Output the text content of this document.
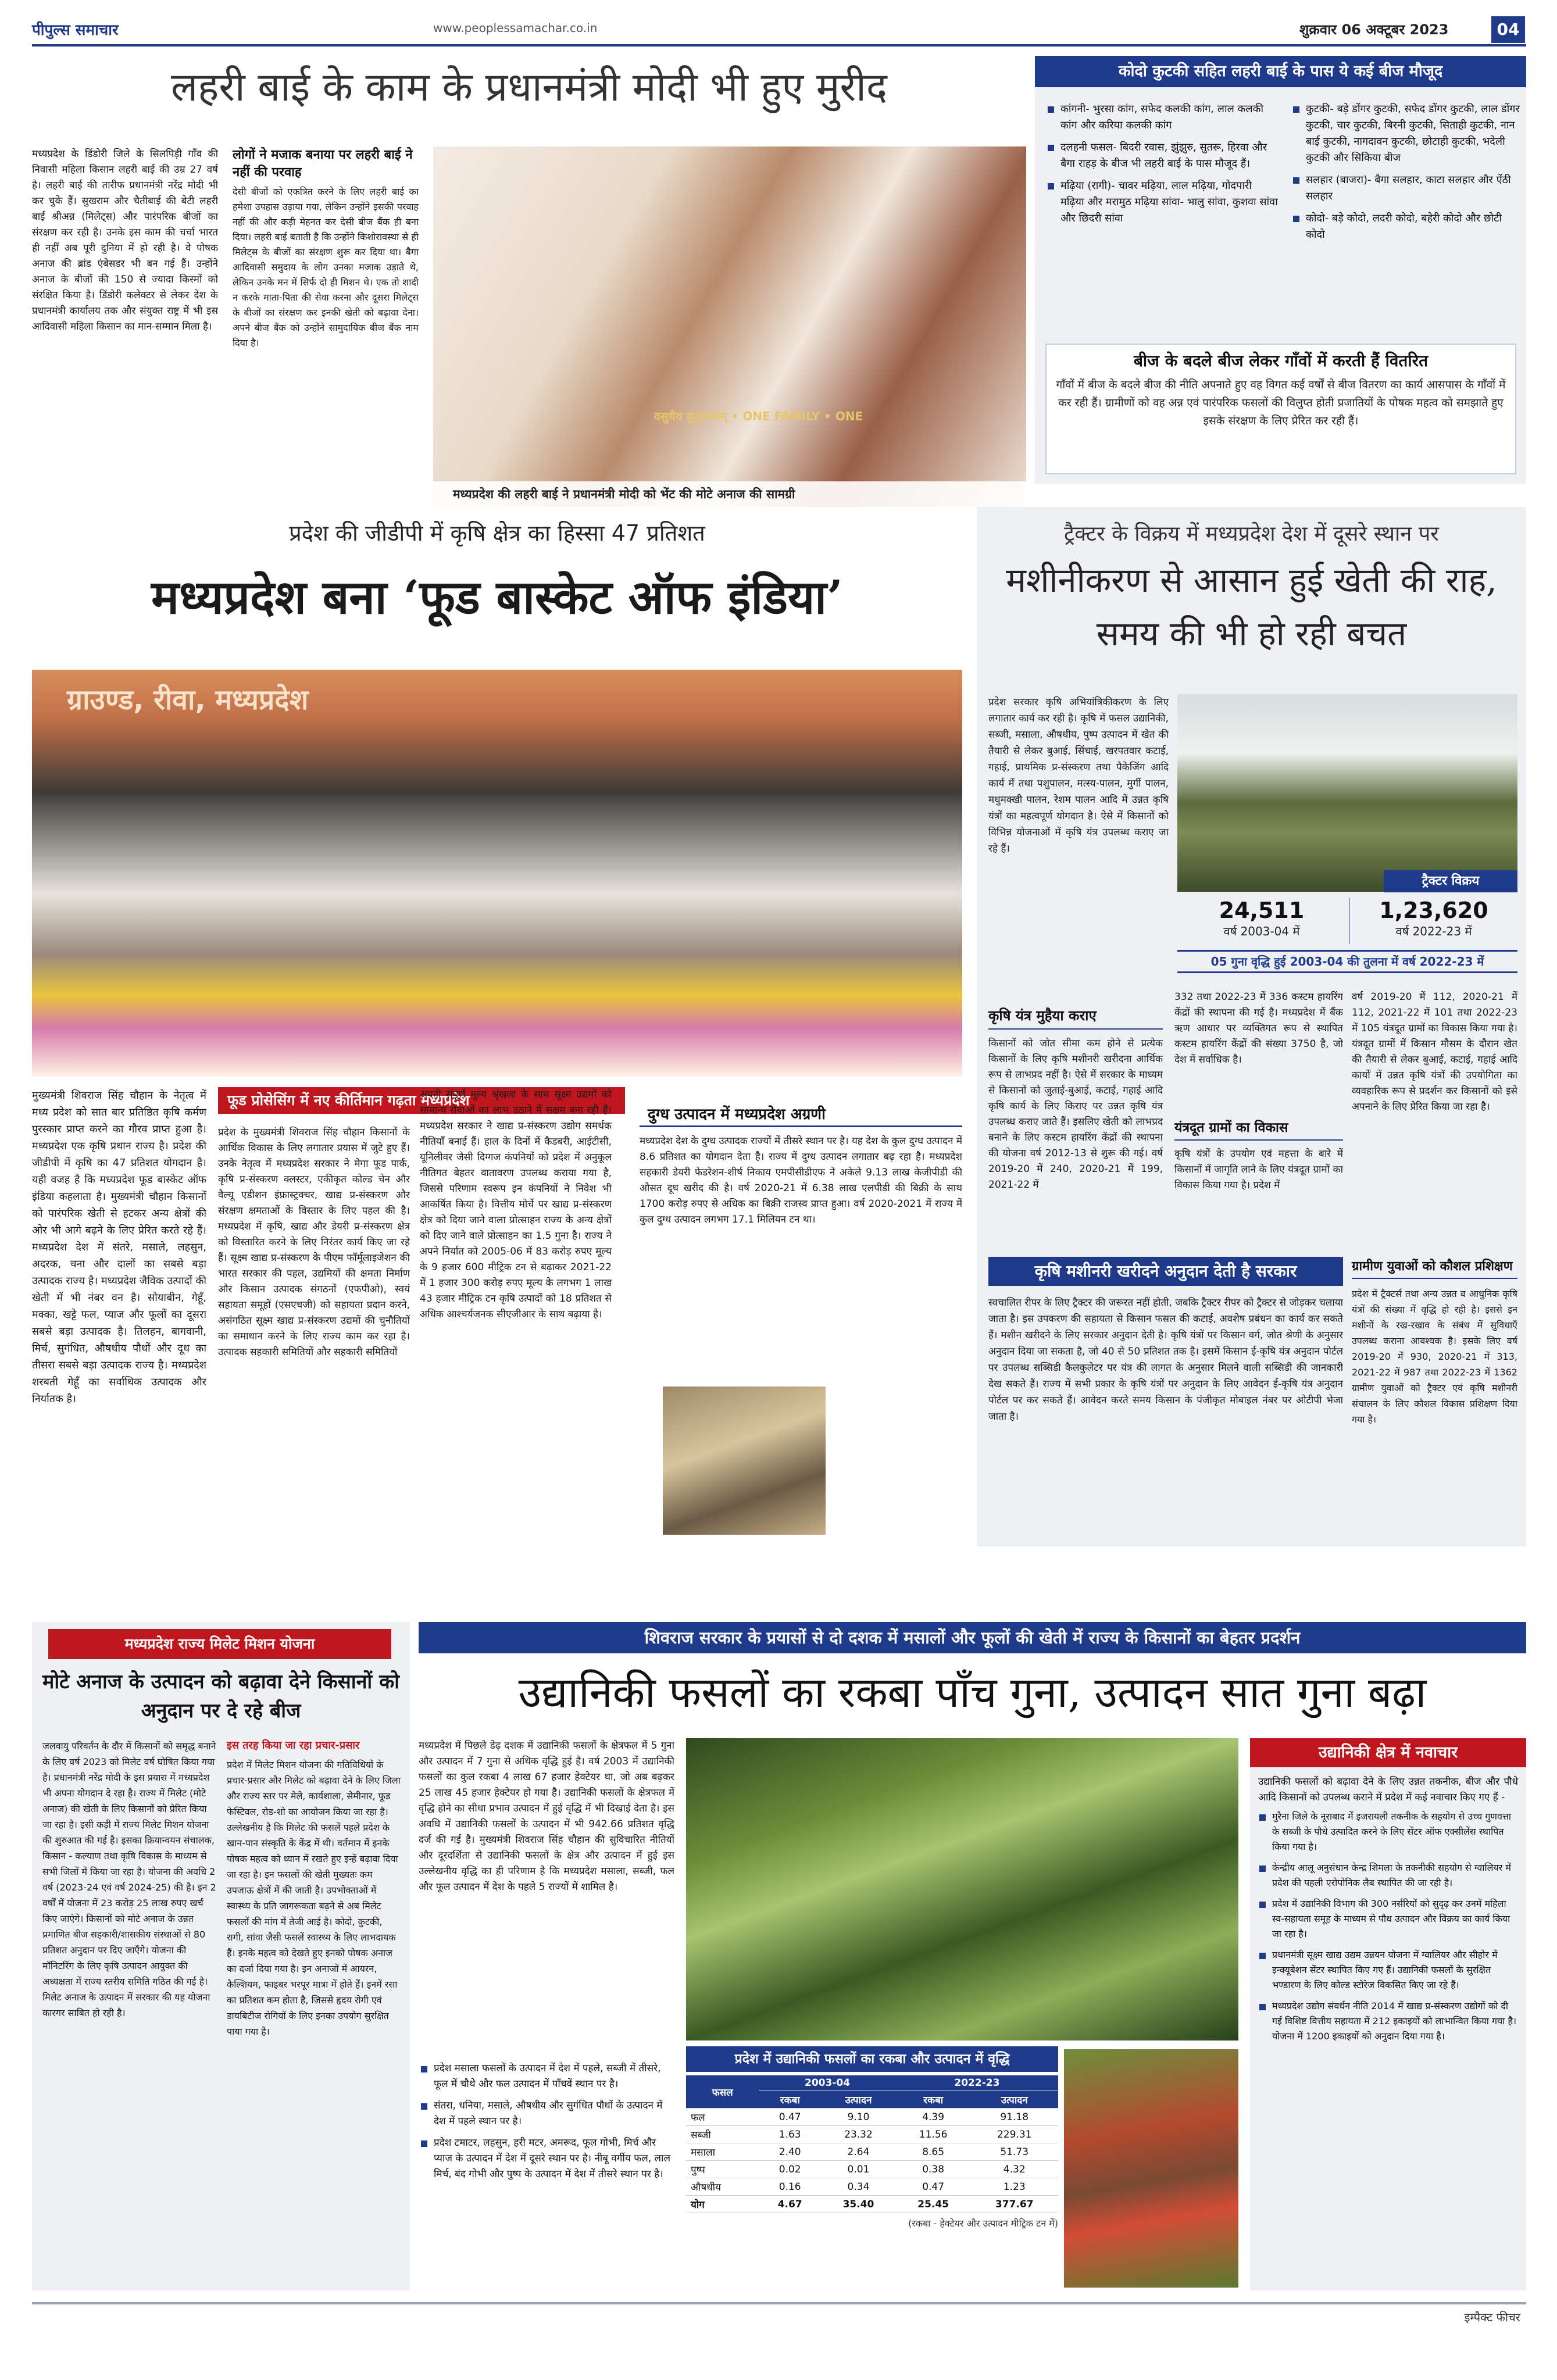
पीपुल्स समाचार	www.peoplessamachar.co.in	शुक्रवार 06 अक्टूबर 2023	04
लहरी बाई के काम के प्रधानमंत्री मोदी भी हुए मुरीद
मध्यप्रदेश के डिंडोरी जिले के सिलपिड़ी गाँव की निवासी महिला किसान लहरी बाई की उम्र 27 वर्ष है। लहरी बाई की तारीफ प्रधानमंत्री नरेंद्र मोदी भी कर चुके हैं। सुखराम और चैतीबाई की बेटी लहरी बाई श्रीअन्न (मिलेट्स) और पारंपरिक बीजों का संरक्षण कर रही है। उनके इस काम की चर्चा भारत ही नहीं अब पूरी दुनिया में हो रही है। वे पोषक अनाज की ब्रांड एंबेसडर भी बन गई हैं। उन्होंने अनाज के बीजों की 150 से ज्यादा किस्मों को संरक्षित किया है। डिंडोरी कलेक्टर से लेकर देश के प्रधानमंत्री कार्यालय तक और संयुक्त राष्ट्र में भी इस आदिवासी महिला किसान का मान-सम्मान मिला है।
लोगों ने मजाक बनाया पर लहरी बाई ने नहीं की परवाह
देसी बीजों को एकत्रित करने के लिए लहरी बाई का हमेशा उपहास उड़ाया गया, लेकिन उन्होंने इसकी परवाह नहीं की और कड़ी मेहनत कर देसी बीज बैंक ही बना दिया। लहरी बाई बताती है कि उन्होंने किशोरावस्था से ही मिलेट्स के बीजों का संरक्षण शुरू कर दिया था। बैगा आदिवासी समुदाय के लोग उनका मजाक उड़ाते थे, लेकिन उनके मन में सिर्फ दो ही मिशन थे। एक तो शादी न करके माता-पिता की सेवा करना और दूसरा मिलेट्स के बीजों का संरक्षण कर इनकी खेती को बढ़ावा देना। अपने बीज बैंक को उन्होंने सामुदायिक बीज बैंक नाम दिया है।
वसुधैव कुटुम्बकम् • ONE FAMILY • ONE
मध्यप्रदेश की लहरी बाई ने प्रधानमंत्री मोदी को भेंट की मोटे अनाज की सामग्री
कोदो कुटकी सहित लहरी बाई के पास ये कई बीज मौजूद
कांगनी- भुरसा कांग, सफेद कलकी कांग, लाल कलकी कांग और करिया कलकी कांग
दलहनी फसल- बिदरी रवास, झुंझुरु, सुतरू, हिरवा और बैगा राहड़ के बीज भी लहरी बाई के पास मौजूद हैं।
मढ़िया (रागी)- चावर मढ़िया, लाल मढ़िया, गोदपारी मढ़िया और मरामुठ मढ़िया सांवा- भालु सांवा, कुशवा सांवा और छिदरी सांवा
कुटकी- बड़े डोंगर कुटकी, सफेद डोंगर कुटकी, लाल डोंगर कुटकी, चार कुटकी, बिरनी कुटकी, सिताही कुटकी, नान बाई कुटकी, नागदावन कुटकी, छोटाही कुटकी, भदेली कुटकी और सिकिया बीज
सलहार (बाजरा)- बैगा सलहार, काटा सलहार और ऐंठी सलहार
कोदो- बड़े कोदो, लदरी कोदो, बहेरी कोदो और छोटी कोदो
बीज के बदले बीज लेकर गाँवों में करती हैं वितरित
गाँवों में बीज के बदले बीज की नीति अपनाते हुए वह विगत कई वर्षों से बीज वितरण का कार्य आसपास के गाँवों में कर रही हैं। ग्रामीणों को वह अन्न एवं पारंपरिक फसलों की विलुप्त होती प्रजातियों के पोषक महत्व को समझाते हुए इसके संरक्षण के लिए प्रेरित कर रही हैं।
प्रदेश की जीडीपी में कृषि क्षेत्र का हिस्सा 47 प्रतिशत
मध्यप्रदेश बना ‘फूड बास्केट ऑफ इंडिया’
ग्राउण्ड, रीवा, मध्यप्रदेश
मुख्यमंत्री शिवराज सिंह चौहान के नेतृत्व में मध्य प्रदेश को सात बार प्रतिष्ठित कृषि कर्मण पुरस्कार प्राप्त करने का गौरव प्राप्त हुआ है। मध्यप्रदेश एक कृषि प्रधान राज्य है। प्रदेश की जीडीपी में कृषि का 47 प्रतिशत योगदान है। यही वजह है कि मध्यप्रदेश फूड बास्केट ऑफ इंडिया कहलाता है। मुख्यमंत्री चौहान किसानों को पारंपरिक खेती से हटकर अन्य क्षेत्रों की ओर भी आगे बढ़ने के लिए प्रेरित करते रहे हैं। मध्यप्रदेश देश में संतरे, मसाले, लहसुन, अदरक, चना और दालों का सबसे बड़ा उत्पादक राज्य है। मध्यप्रदेश जैविक उत्पादों की खेती में भी नंबर वन है। सोयाबीन, गेहूँ, मक्का, खट्टे फल, प्याज और फूलों का दूसरा सबसे बड़ा उत्पादक है। तिलहन, बागवानी, मिर्च, सुगंधित, औषधीय पौधों और दूध का तीसरा सबसे बड़ा उत्पादक राज्य है। मध्यप्रदेश शरबती गेहूँ का सर्वाधिक उत्पादक और निर्यातक है।
फूड प्रोसेसिंग में नए कीर्तिमान गढ़ता मध्यप्रदेश
प्रदेश के मुख्यमंत्री शिवराज सिंह चौहान किसानों के आर्थिक विकास के लिए लगातार प्रयास में जुटे हुए हैं। उनके नेतृत्व में मध्यप्रदेश सरकार ने मेगा फूड पार्क, कृषि प्र-संस्करण क्लस्टर, एकीकृत कोल्ड चेन और वैल्यू एडीशन इंफ्रास्ट्रक्चर, खाद्य प्र-संस्करण और संरक्षण क्षमताओं के विस्तार के लिए पहल की है। मध्यप्रदेश में कृषि, खाद्य और डेयरी प्र-संस्करण क्षेत्र को विस्तारित करने के लिए निरंतर कार्य किए जा रहे हैं। सूक्ष्म खाद्य प्र-संस्करण के पीएम फॉर्मूलाइजेशन की भारत सरकार की पहल, उद्यमियों की क्षमता निर्माण और किसान उत्पादक संगठनों (एफपीओ), स्वयं सहायता समूहों (एसएचजी) को सहायता प्रदान करने, असंगठित सूक्ष्म खाद्य प्र-संस्करण उद्यमों की चुनौतियों का समाधान करने के लिए राज्य काम कर रहा है। उत्पादक सहकारी समितियों और सहकारी समितियों
अपनी संपूर्ण मूल्य श्रृंखला के साथ सूक्ष्म उद्यमों को सामान्य सेवाओं का लाभ उठाने में सक्षम बना रही हैं। मध्यप्रदेश सरकार ने खाद्य प्र-संस्करण उद्योग समर्थक नीतियाँ बनाई हैं। हाल के दिनों में कैडबरी, आईटीसी, यूनिलीवर जैसी दिग्गज कंपनियों को प्रदेश में अनुकूल नीतिगत बेहतर वातावरण उपलब्ध कराया गया है, जिससे परिणाम स्वरूप इन कंपनियों ने निवेश भी आकर्षित किया है। वित्तीय मोर्चे पर खाद्य प्र-संस्करण क्षेत्र को दिया जाने वाला प्रोत्साहन राज्य के अन्य क्षेत्रों को दिए जाने वाले प्रोत्साहन का 1.5 गुना है। राज्य ने अपने निर्यात को 2005-06 में 83 करोड़ रुपए मूल्य के 9 हजार 600 मीट्रिक टन से बढ़ाकर 2021-22 में 1 हजार 300 करोड़ रुपए मूल्य के लगभग 1 लाख 43 हजार मीट्रिक टन कृषि उत्पादों को 18 प्रतिशत से अधिक आश्चर्यजनक सीएजीआर के साथ बढ़ाया है।
दुग्ध उत्पादन में मध्यप्रदेश अग्रणी
मध्यप्रदेश देश के दुग्ध उत्पादक राज्यों में तीसरे स्थान पर है। यह देश के कुल दुग्ध उत्पादन में 8.6 प्रतिशत का योगदान देता है। राज्य में दुग्ध उत्पादन लगातार बढ़ रहा है। मध्यप्रदेश सहकारी डेयरी फेडरेशन-शीर्ष निकाय एमपीसीडीएफ ने अकेले 9.13 लाख केजीपीडी की औसत दूध खरीद की है। वर्ष 2020-21 में 6.38 लाख एलपीडी की बिक्री के साथ 1700 करोड़ रुपए से अधिक का बिक्री राजस्व प्राप्त हुआ। वर्ष 2020-2021 में राज्य में कुल दुग्ध उत्पादन लगभग 17.1 मिलियन टन था।
ट्रैक्टर के विक्रय में मध्यप्रदेश देश में दूसरे स्थान पर
मशीनीकरण से आसान हुई खेती की राह, समय की भी हो रही बचत
प्रदेश सरकार कृषि अभियांत्रिकीकरण के लिए लगातार कार्य कर रही है। कृषि में फसल उद्यानिकी, सब्जी, मसाला, औषधीय, पुष्प उत्पादन में खेत की तैयारी से लेकर बुआई, सिंचाई, खरपतवार कटाई, गहाई, प्राथमिक प्र-संस्करण तथा पैकेजिंग आदि कार्य में तथा पशुपालन, मत्स्य-पालन, मुर्गी पालन, मधुमक्खी पालन, रेशम पालन आदि में उन्नत कृषि यंत्रों का महत्वपूर्ण योगदान है। ऐसे में किसानों को विभिन्न योजनाओं में कृषि यंत्र उपलब्ध कराए जा रहे हैं।
ट्रैक्टर विक्रय
24,511
वर्ष 2003-04 में
1,23,620
वर्ष 2022-23 में
05 गुना वृद्धि हुई 2003-04 की तुलना में वर्ष 2022-23 में
कृषि यंत्र मुहैया कराए
किसानों को जोत सीमा कम होने से प्रत्येक किसानों के लिए कृषि मशीनरी खरीदना आर्थिक रूप से लाभप्रद नहीं है। ऐसे में सरकार के माध्यम से किसानों को जुताई-बुआई, कटाई, गहाई आदि कृषि कार्य के लिए किराए पर उन्नत कृषि यंत्र उपलब्ध कराए जाते हैं। इसलिए खेती को लाभप्रद बनाने के लिए कस्टम हायरिंग केंद्रों की स्थापना की योजना वर्ष 2012-13 से शुरू की गई। वर्ष 2019-20 में 240, 2020-21 में 199, 2021-22 में
332 तथा 2022-23 में 336 कस्टम हायरिंग केंद्रों की स्थापना की गई है। मध्यप्रदेश में बैंक ऋण आधार पर व्यक्तिगत रूप से स्थापित कस्टम हायरिंग केंद्रों की संख्या 3750 है, जो देश में सर्वाधिक है।
यंत्रदूत ग्रामों का विकास
कृषि यंत्रों के उपयोग एवं महत्ता के बारे में किसानों में जागृति लाने के लिए यंत्रदूत ग्रामों का विकास किया गया है। प्रदेश में
वर्ष 2019-20 में 112, 2020-21 में 112, 2021-22 में 101 तथा 2022-23 में 105 यंत्रदूत ग्रामों का विकास किया गया है। यंत्रदूत ग्रामों में किसान मौसम के दौरान खेत की तैयारी से लेकर बुआई, कटाई, गहाई आदि कार्यों में उन्नत कृषि यंत्रों की उपयोगिता का व्यवहारिक रूप से प्रदर्शन कर किसानों को इसे अपनाने के लिए प्रेरित किया जा रहा है।
कृषि मशीनरी खरीदने अनुदान देती है सरकार
स्वचालित रीपर के लिए ट्रैक्टर की जरूरत नहीं होती, जबकि ट्रैक्टर रीपर को ट्रैक्टर से जोड़कर चलाया जाता है। इस उपकरण की सहायता से किसान फसल की कटाई, अवशेष प्रबंधन का कार्य कर सकते हैं। मशीन खरीदने के लिए सरकार अनुदान देती है। कृषि यंत्रों पर किसान वर्ग, जोत श्रेणी के अनुसार अनुदान दिया जा सकता है, जो 40 से 50 प्रतिशत तक है। इसमें किसान ई-कृषि यंत्र अनुदान पोर्टल पर उपलब्ध सब्सिडी कैलकुलेटर पर यंत्र की लागत के अनुसार मिलने वाली सब्सिडी की जानकारी देख सकते हैं। राज्य में सभी प्रकार के कृषि यंत्रों पर अनुदान के लिए आवेदन ई-कृषि यंत्र अनुदान पोर्टल पर कर सकते हैं। आवेदन करते समय किसान के पंजीकृत मोबाइल नंबर पर ओटीपी भेजा जाता है।
ग्रामीण युवाओं को कौशल प्रशिक्षण
प्रदेश में ट्रैक्टर्स तथा अन्य उन्नत व आधुनिक कृषि यंत्रों की संख्या में वृद्धि हो रही है। इससे इन मशीनों के रख-रखाव के संबंध में सुविधाएँ उपलब्ध कराना आवश्यक है। इसके लिए वर्ष 2019-20 में 930, 2020-21 में 313, 2021-22 में 987 तथा 2022-23 में 1362 ग्रामीण युवाओं को ट्रैक्टर एवं कृषि मशीनरी संचालन के लिए कौशल विकास प्रशिक्षण दिया गया है।
मध्यप्रदेश राज्य मिलेट मिशन योजना
मोटे अनाज के उत्पादन को बढ़ावा देने किसानों को अनुदान पर दे रहे बीज
जलवायु परिवर्तन के दौर में किसानों को समृद्ध बनाने के लिए वर्ष 2023 को मिलेट वर्ष घोषित किया गया है। प्रधानमंत्री नरेंद्र मोदी के इस प्रयास में मध्यप्रदेश भी अपना योगदान दे रहा है। राज्य में मिलेट (मोटे अनाज) की खेती के लिए किसानों को प्रेरित किया जा रहा है। इसी कड़ी में राज्य मिलेट मिशन योजना की शुरुआत की गई है। इसका क्रियान्वयन संचालक, किसान - कल्याण तथा कृषि विकास के माध्यम से सभी जिलों में किया जा रहा है। योजना की अवधि 2 वर्ष (2023-24 एवं वर्ष 2024-25) की है। इन 2 वर्षों में योजना में 23 करोड़ 25 लाख रुपए खर्च किए जाएंगे। किसानों को मोटे अनाज के उन्नत प्रमाणित बीज सहकारी/शासकीय संस्थाओं से 80 प्रतिशत अनुदान पर दिए जाएँगे। योजना की मॉनिटरिंग के लिए कृषि उत्पादन आयुक्त की अध्यक्षता में राज्य स्तरीय समिति गठित की गई है। मिलेट अनाज के उत्पादन में सरकार की यह योजना कारगर साबित हो रही है।
इस तरह किया जा रहा प्रचार-प्रसार
प्रदेश में मिलेट मिशन योजना की गतिविधियों के प्रचार-प्रसार और मिलेट को बढ़ावा देने के लिए जिला और राज्य स्तर पर मेले, कार्यशाला, सेमीनार, फूड फेस्टिवल, रोड-शो का आयोजन किया जा रहा है। उल्लेखनीय है कि मिलेट की फसलें पहले प्रदेश के खान-पान संस्कृति के केंद्र में थी। वर्तमान में इनके पोषक महत्व को ध्यान में रखते हुए इन्हें बढ़ावा दिया जा रहा है। इन फसलों की खेती मुख्यतः कम उपजाऊ क्षेत्रों में की जाती है। उपभोक्ताओं में स्वास्थ्य के प्रति जागरूकता बढ़ने से अब मिलेट फसलों की मांग में तेजी आई है। कोदो, कुटकी, रागी, सांवा जैसी फसलें स्वास्थ्य के लिए लाभदायक हैं। इनके महत्व को देखते हुए इनको पोषक अनाज का दर्जा दिया गया है। इन अनाजों में आयरन, कैल्शियम, फाइबर भरपूर मात्रा में होते हैं। इनमें रसा का प्रतिशत कम होता है, जिससे हृदय रोगी एवं डायबिटीज रोगियों के लिए इनका उपयोग सुरक्षित पाया गया है।
शिवराज सरकार के प्रयासों से दो दशक में मसालों और फूलों की खेती में राज्य के किसानों का बेहतर प्रदर्शन
उद्यानिकी फसलों का रकबा पाँच गुना, उत्पादन सात गुना बढ़ा
मध्यप्रदेश में पिछले डेढ़ दशक में उद्यानिकी फसलों के क्षेत्रफल में 5 गुना और उत्पादन में 7 गुना से अधिक वृद्धि हुई है। वर्ष 2003 में उद्यानिकी फसलों का कुल रकबा 4 लाख 67 हजार हेक्टेयर था, जो अब बढ़कर 25 लाख 45 हजार हेक्टेयर हो गया है। उद्यानिकी फसलों के क्षेत्रफल में वृद्धि होने का सीधा प्रभाव उत्पादन में हुई वृद्धि में भी दिखाई देता है। इस अवधि में उद्यानिकी फसलों के उत्पादन में भी 942.66 प्रतिशत वृद्धि दर्ज की गई है। मुख्यमंत्री शिवराज सिंह चौहान की सुविचारित नीतियों और दूरदर्शिता से उद्यानिकी फसलों के क्षेत्र और उत्पादन में हुई इस उल्लेखनीय वृद्धि का ही परिणाम है कि मध्यप्रदेश मसाला, सब्जी, फल और फूल उत्पादन में देश के पहले 5 राज्यों में शामिल है।
प्रदेश मसाला फसलों के उत्पादन में देश में पहले, सब्जी में तीसरे, फूल में चौथे और फल उत्पादन में पाँचवें स्थान पर है।
संतरा, धनिया, मसाले, औषधीय और सुगंधित पौधों के उत्पादन में देश में पहले स्थान पर है।
प्रदेश टमाटर, लहसुन, हरी मटर, अमरूद, फूल गोभी, मिर्च और प्याज के उत्पादन में देश में दूसरे स्थान पर है। नीबू वर्गीय फल, लाल मिर्च, बंद गोभी और पुष्प के उत्पादन में देश में तीसरे स्थान पर है।
प्रदेश में उद्यानिकी फसलों का रकबा और उत्पादन में वृद्धि
फसल	2003-04		2022-23	
	रकबा	उत्पादन	रकबा	उत्पादन
फल	0.47	9.10	4.39	91.18
सब्जी	1.63	23.32	11.56	229.31
मसाला	2.40	2.64	8.65	51.73
पुष्प	0.02	0.01	0.38	4.32
औषधीय	0.16	0.34	0.47	1.23
योग	4.67	35.40	25.45	377.67
(रकबा - हेक्टेयर और उत्पादन मीट्रिक टन में)
उद्यानिकी क्षेत्र में नवाचार
उद्यानिकी फसलों को बढ़ावा देने के लिए उन्नत तकनीक, बीज और पौधे आदि किसानों को उपलब्ध कराने में प्रदेश में कई नवाचार किए गए हैं -
मुरैना जिले के नूराबाद में इजरायली तकनीक के सहयोग से उच्च गुणवत्ता के सब्जी के पौधे उत्पादित करने के लिए सेंटर ऑफ एक्सीलेंस स्थापित किया गया है।
केन्द्रीय आलू अनुसंधान केन्द्र शिमला के तकनीकी सहयोग से ग्वालियर में प्रदेश की पहली एरोपोनिक लैब स्थापित की जा रही है।
प्रदेश में उद्यानिकी विभाग की 300 नर्सरियों को सुदृढ़ कर उनमें महिला स्व-सहायता समूह के माध्यम से पौध उत्पादन और विक्रय का कार्य किया जा रहा है।
प्रधानमंत्री सूक्ष्म खाद्य उद्यम उन्नयन योजना में ग्वालियर और सीहोर में इन्क्यूबेशन सेंटर स्थापित किए गए हैं। उद्यानिकी फसलों के सुरक्षित भण्डारण के लिए कोल्ड स्टोरेज विकसित किए जा रहे हैं।
मध्यप्रदेश उद्योग संवर्धन नीति 2014 में खाद्य प्र-संस्करण उद्योगों को दी गई विशिष्ट वित्तीय सहायता में 212 इकाइयों को लाभान्वित किया गया है। योजना में 1200 इकाइयों को अनुदान दिया गया है।
इम्पैक्ट फीचर
